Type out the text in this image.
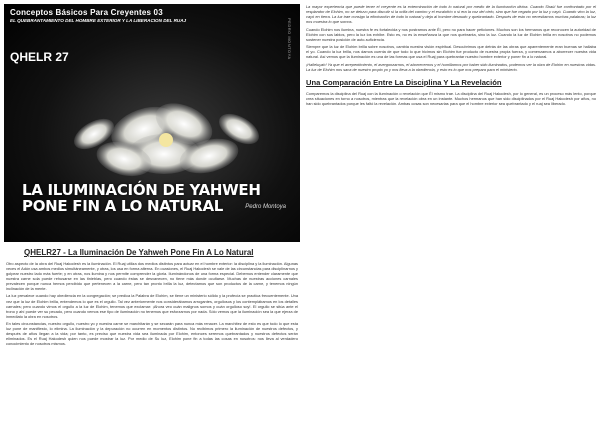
Conceptos Básicos Para Creyentes 03
EL QUEBRANTAMIENTO DEL HOMBRE EXTERIOR Y LA LIBERACION DEL RUAJ
QHELR 27	PEDRO MONTOYA
LA ILUMINACIÓN DE YAHWEH
PONE FIN A LO NATURAL	Pedro Montoya
QHELR27 - La Iluminación De Yahweh Pone Fin A Lo Natural

Otro aspecto de la obra del Ruaj Hakodesh es la iluminación. El Ruaj utiliza dos medios distintos para actuar en el hombre exterior: la disciplina y la iluminación. Algunas veces el Adón usa ambos medios simultáneamente, y otras, los usa en forma alterna. En ocasiones, el Ruaj Hakodesh se vale de las circunstancias para disciplinarnos y golpear nuestro lado más fuerte; y en otras, nos ilumina y nos permite comprender la gloria. Iluminándonos de una forma especial. Debemos entender claramente que nuestra carne sola puede rehusarse en las tinieblas, pero cuando éstas se desvanecen, no tiene más donde ocultarse. Muchas de nuestras acciones carnales prevalecen porque nunca hemos percibido que pertenecen a la carne, pero tan pronto brilla la luz, detectamos que son productos de la carne, y tenemos ningún inclinación de la mente.

La luz prevalece cuando hay obediencia en la congregación; se predica la Palabra de Elohim, se tiene un ministerio sólido y la profecía se practica frecuentemente. Una vez que la luz de Elohim brilla, entendemos lo que es el orgullo. Tal vez anteriormente nos considerábamos arrogantes, orgullosos y los contemplábamos en los detalles carnales; pero cuando vimos el orgullo a la luz de Elohim, tenemos que exclamar: ¡Ahora veo cuán malignos somos y cuán orgulloso soy!. El orgullo se sitúa ante el trono y ahí puede ver su pecado, pero cuando vemos ese tipo de iluminación no tenemos que esforzarnos por nada. Sólo vemos que la iluminación sea la que ejerza de inmediato la obra en nosotros.

En tales circunstancias, nuestro orgullo, nuestro yo y nuestra carne se marchitarán y se secarán para nunca más renacer. La marchitez de esto es que todo lo que esta luz pone de manifiesto, lo elimina. La iluminación y la depuración no ocurren en momentos distintos. No recibimos primero la iluminación de nuestros defectos, y después de años llegan a la vida; por tanto, es preciso que nuestra vida sea iluminada por Elohim, entonces seremos quebrantados y nuestros defectos serán eliminados. Es el Ruaj Hakodesh quien nos puede mostrar la luz. Por medio de Su luz, Elohim pone fin a todas las cosas en nosotros: nos lleva al verdadero conocimiento de nosotros mismos.

La mayor experiencia que puede tener el creyente es la exterminación de todo lo natural por medio de la iluminación divina. Cuando Shaúl fue confrontado por el resplandor de Elohim, no se detuvo para discutir si la orilla del camino y el escalofrío o si era la voz del cielo, sino que fue cegado por la luz y cayó. Cuando vino la luz, cayó en tierra. La luz trae consigo la eliminación de todo lo natural y deja al hombre desnudo y quebrantado. Después de esto no necesitamos muchas palabras; la luz nos muestra lo que somos.

Cuando Elohim nos ilumina, nuestra fe es fortalecida y nos postramos ante Él, pero no para hacer peticiones. Muchos son los hermanos que reconocen la autoridad de Elohim con sus labios, pero la luz los exhibe. Esto es, no es la enseñanza la que nos quebranta, sino la luz. Cuando la luz de Elohim brilla en nosotros no podemos sostener nuestra posición de auto-suficiencia.

Siempre que la luz de Elohim brilla sobre nosotros, cambia nuestra visión espiritual. Descubrimos que detrás de las obras que aparentemente eran buenas se hallaba el yo. Cuando la luz brilla, nos damos cuenta de que todo lo que hicimos sin Elohim fue producto de nuestra propia fuerza, y comenzamos a aborrecer nuestra vida natural. Así vemos que la iluminación es una de las formas que usa el Ruaj para quebrantar nuestro hombre exterior y poner fin a lo natural.

¡Halleluyah! Ya que el arrepentimiento, el avergonzarnos, el aborrecernos y el humillarnos por haber sido iluminados, podemos ver la obra de Elohim en nuestras vidas. La luz de Elohim nos saca de nuestro propio yo y nos lleva a la obediencia, y esto es lo que nos prepara para el ministerio.

Una Comparación Entre La Disciplina Y La Revelación

Comparemos la disciplina del Ruaj con la iluminación o revelación que Él mismo trae. La disciplina del Ruaj Hakodesh, por lo general, es un proceso más lento, porque crea situaciones en torno a nosotros, mientras que la revelación obra en un instante. Muchos hermanos que han sido disciplinados por el Ruaj Hakodesh por años, no han sido quebrantados porque les faltó la revelación. Ambas cosas son necesarias para que el hombre exterior sea quebrantado y el ruaj sea liberado.
